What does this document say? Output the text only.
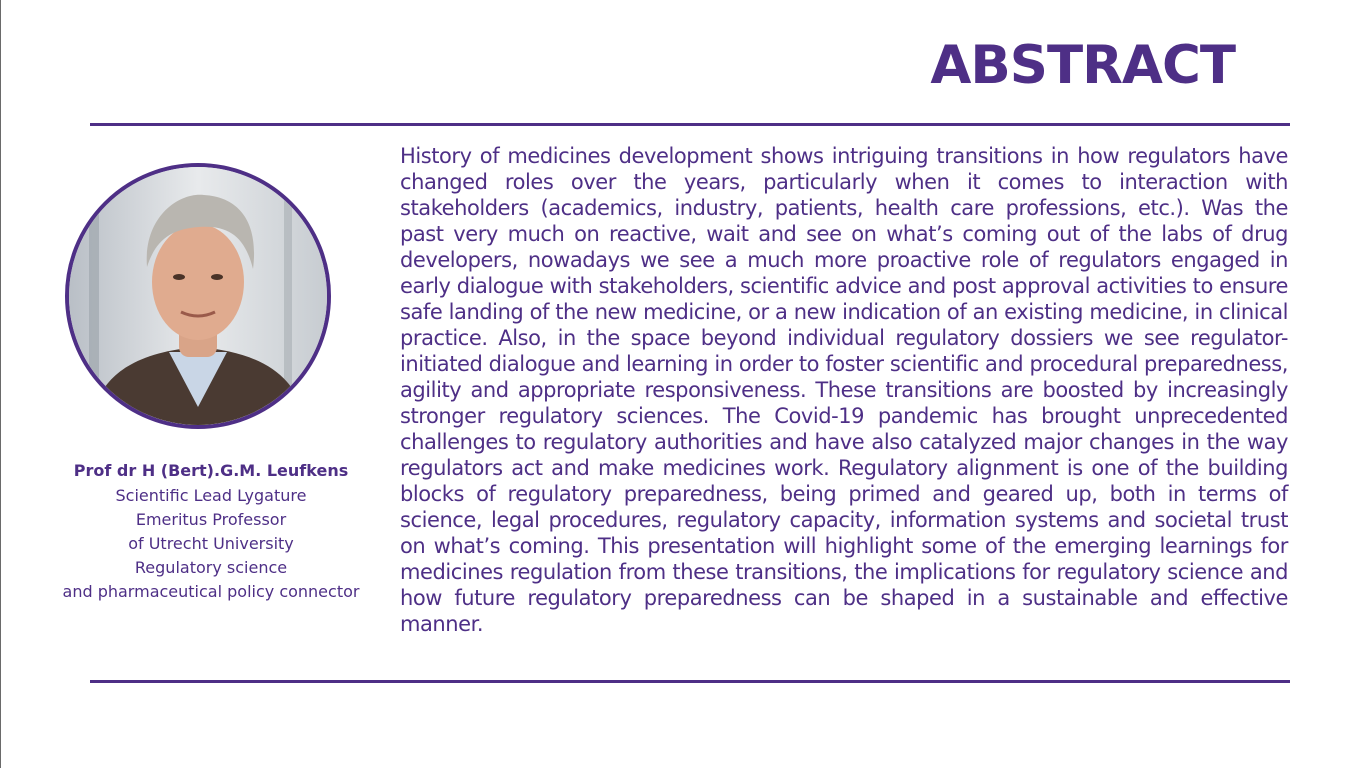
ABSTRACT
Prof dr H (Bert).G.M. Leufkens
Scientific Lead Lygature
Emeritus Professor
of Utrecht University
Regulatory science
and pharmaceutical policy connector

History of medicines development shows intriguing transitions in how regulators have changed roles over the years, particularly when it comes to interaction with stakeholders (academics, industry, patients, health care professions, etc.). Was the past very much on reactive, wait and see on what’s coming out of the labs of drug developers, nowadays we see a much more proactive role of regulators engaged in early dialogue with stakeholders, scientific advice and post approval activities to ensure safe landing of the new medicine, or a new indication of an existing medicine, in clinical practice. Also, in the space beyond individual regulatory dossiers we see regulator-initiated dialogue and learning in order to foster scientific and procedural preparedness, agility and appropriate responsiveness. These transitions are boosted by increasingly stronger regulatory sciences. The Covid-19 pandemic has brought unprecedented challenges to regulatory authorities and have also catalyzed major changes in the way regulators act and make medicines work. Regulatory alignment is one of the building blocks of regulatory preparedness, being primed and geared up, both in terms of science, legal procedures, regulatory capacity, information systems and societal trust on what’s coming. This presentation will highlight some of the emerging learnings for medicines regulation from these transitions, the implications for regulatory science and how future regulatory preparedness can be shaped in a sustainable and effective manner.
